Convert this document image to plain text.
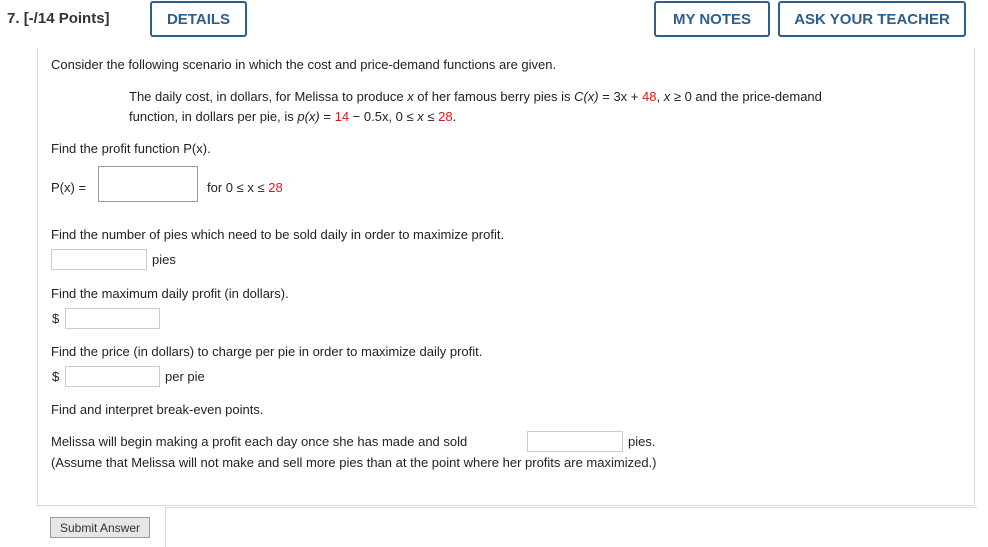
7. [-/14 Points]	DETAILS	MY NOTES	ASK YOUR TEACHER
Consider the following scenario in which the cost and price-demand functions are given.
The daily cost, in dollars, for Melissa to produce x of her famous berry pies is C(x) = 3x + 48, x ≥ 0 and the price-demand
function, in dollars per pie, is p(x) = 14 − 0.5x, 0 ≤ x ≤ 28.
Find the profit function P(x).
P(x) =	for 0 ≤ x ≤ 28
Find the number of pies which need to be sold daily in order to maximize profit.
pies
Find the maximum daily profit (in dollars).
$
Find the price (in dollars) to charge per pie in order to maximize daily profit.
$	per pie
Find and interpret break-even points.
Melissa will begin making a profit each day once she has made and sold	pies.
(Assume that Melissa will not make and sell more pies than at the point where her profits are maximized.)
Submit Answer
